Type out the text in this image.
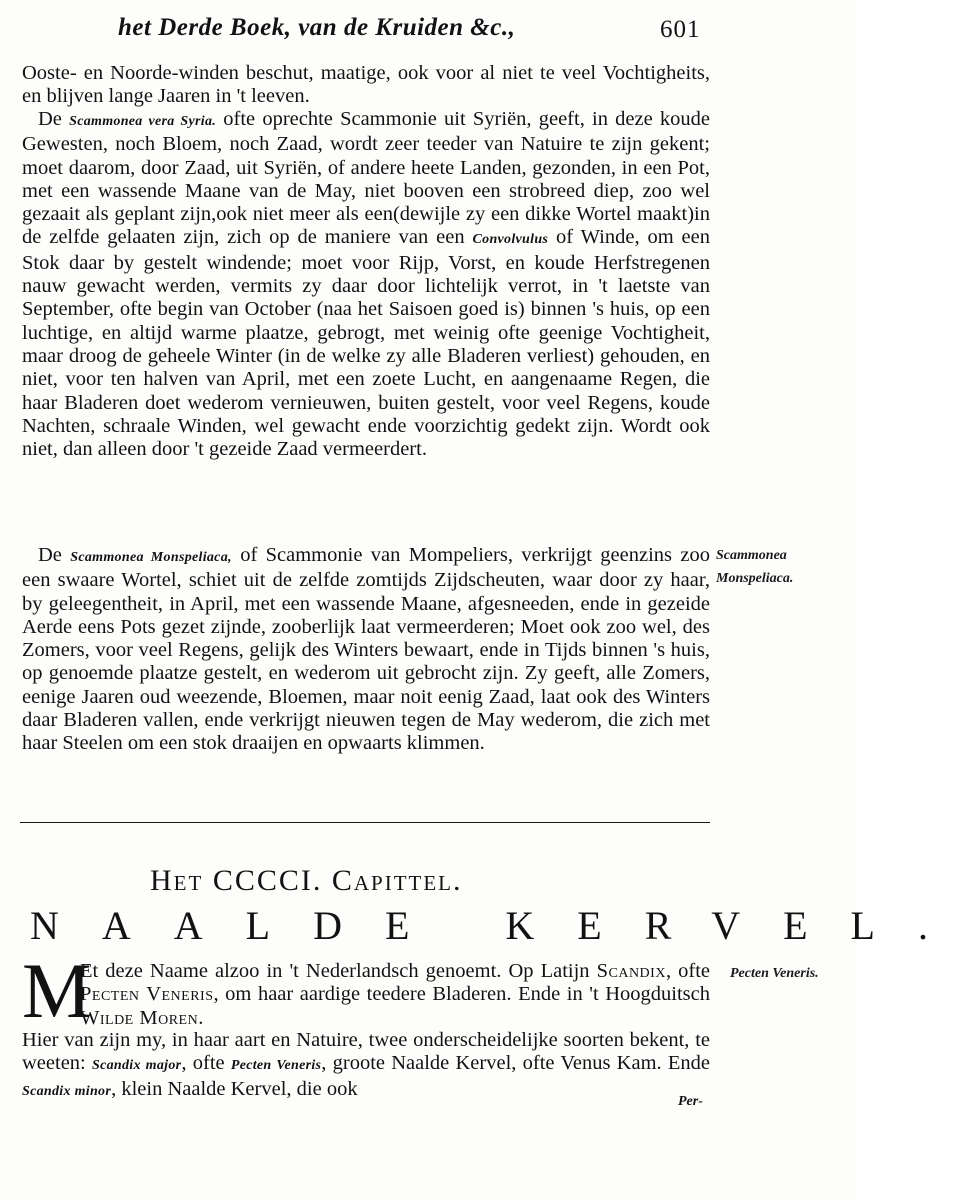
het Derde Boek, van de Kruiden &c.,	601

Ooste- en Noorde-winden beschut, maatige, ook voor al niet te veel Vochtigheits, en blijven lange Jaaren in 't leeven.

De Scammonea vera Syria. ofte oprechte Scammonie uit Syriën, geeft, in deze koude Gewesten, noch Bloem, noch Zaad, wordt zeer teeder van Natuire te zijn gekent; moet daarom, door Zaad, uit Syriën, of andere heete Landen, gezonden, in een Pot, met een wassende Maane van de May, niet booven een strobreed diep, zoo wel gezaait als geplant zijn,ook niet meer als een(dewijle zy een dikke Wortel maakt)in de zelfde gelaaten zijn, zich op de maniere van een Convolvulus of Winde, om een Stok daar by gestelt windende; moet voor Rijp, Vorst, en koude Herfstregenen nauw gewacht werden, vermits zy daar door lichtelijk verrot, in 't laetste van September, ofte begin van October (naa het Saisoen goed is) binnen 's huis, op een luchtige, en altijd warme plaatze, gebrogt, met weinig ofte geenige Vochtigheit, maar droog de geheele Winter (in de welke zy alle Bladeren verliest) gehouden, en niet, voor ten halven van April, met een zoete Lucht, en aangenaame Regen, die haar Bladeren doet wederom vernieuwen, buiten gestelt, voor veel Regens, koude Nachten, schraale Winden, wel gewacht ende voorzichtig gedekt zijn. Wordt ook niet, dan alleen door 't gezeide Zaad vermeerdert.

De Scammonea Monspeliaca, of Scammonie van Mompeliers, verkrijgt geenzins zoo een swaare Wortel, schiet uit de zelfde zomtijds Zijdscheuten, waar door zy haar, by geleegentheit, in April, met een wassende Maane, afgesneeden, ende in gezeide Aerde eens Pots gezet zijnde, zooberlijk laat vermeerderen; Moet ook zoo wel, des Zomers, voor veel Regens, gelijk des Winters bewaart, ende in Tijds binnen 's huis, op genoemde plaatze gestelt, en wederom uit gebrocht zijn. Zy geeft, alle Zomers, eenige Jaaren oud weezende, Bloemen, maar noit eenig Zaad, laat ook des Winters daar Bladeren vallen, ende verkrijgt nieuwen tegen de May wederom, die zich met haar Steelen om een stok draaijen en opwaarts klimmen.

Scammonea Monspeliaca.
Het CCCCI. Capittel.
NAALDE KERVEL.
M

Et deze Naame alzoo in 't Nederlandsch genoemt. Op Latijn Scandix, ofte Pecten Veneris, om haar aardige teedere Bladeren. Ende in 't Hoogduitsch Wilde Moren.

Hier van zijn my, in haar aart en Natuire, twee onderscheidelijke soorten bekent, te weeten: Scandix major, ofte Pecten Veneris, groote Naalde Kervel, ofte Venus Kam. Ende Scandix minor, klein Naalde Kervel, die ook

Pecten Veneris.
Per-
